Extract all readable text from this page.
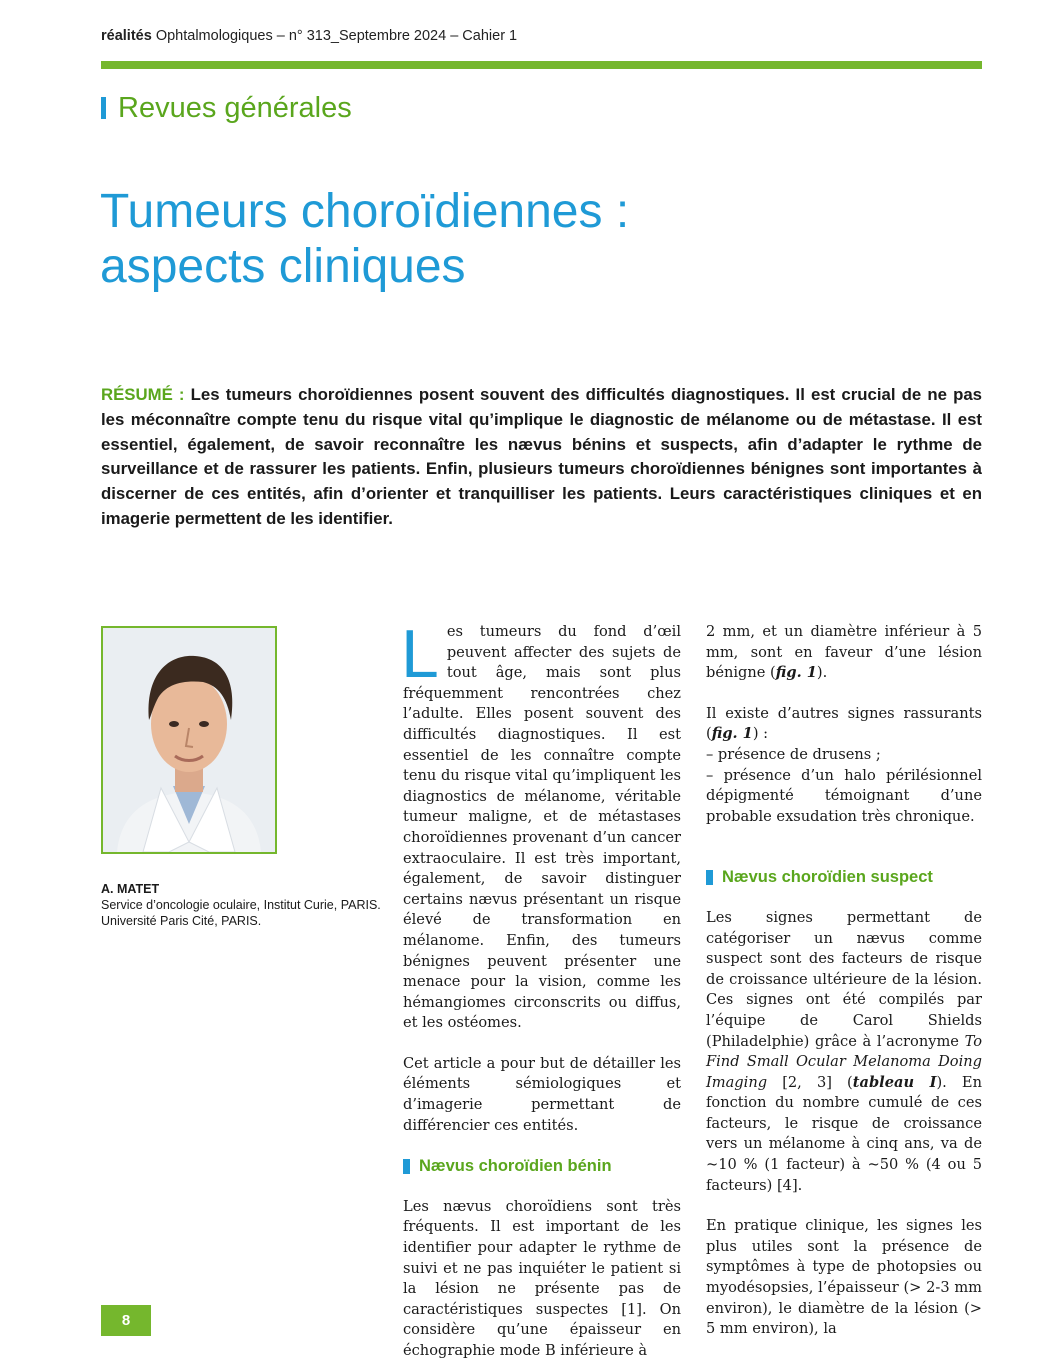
réalités Ophtalmologiques – n° 313_Septembre 2024 – Cahier 1
Revues générales
Tumeurs choroïdiennes :
aspects cliniques
RÉSUMÉ : Les tumeurs choroïdiennes posent souvent des difficultés diagnostiques. Il est crucial de ne pas les méconnaître compte tenu du risque vital qu’implique le diagnostic de mélanome ou de métastase. Il est essentiel, également, de savoir reconnaître les nævus bénins et suspects, afin d’adapter le rythme de surveillance et de rassurer les patients. Enfin, plusieurs tumeurs choroïdiennes bénignes sont importantes à discerner de ces entités, afin d’orienter et tranquilliser les patients. Leurs caractéristiques cliniques et en imagerie permettent de les identifier.
A. MATET
Service d’oncologie oculaire, Institut Curie, PARIS.
Université Paris Cité, PARIS.

Les tumeurs du fond d’œil peuvent affecter des sujets de tout âge, mais sont plus fréquemment rencontrées chez l’adulte. Elles posent souvent des difficultés diagnostiques. Il est essentiel de les connaître compte tenu du risque vital qu’impliquent les diagnostics de mélanome, véritable tumeur maligne, et de métastases choroïdiennes provenant d’un cancer extraoculaire. Il est très important, également, de savoir distinguer certains nævus présentant un risque élevé de transformation en mélanome. Enfin, des tumeurs bénignes peuvent présenter une menace pour la vision, comme les hémangiomes circonscrits ou diffus, et les ostéomes.

Cet article a pour but de détailler les éléments sémiologiques et d’imagerie permettant de différencier ces entités.

Nævus choroïdien bénin

Les nævus choroïdiens sont très fréquents. Il est important de les identifier pour adapter le rythme de suivi et ne pas inquiéter le patient si la lésion ne présente pas de caractéristiques suspectes [1]. On considère qu’une épaisseur en échographie mode B inférieure à

2 mm, et un diamètre inférieur à 5 mm, sont en faveur d’une lésion bénigne (fig. 1).

Il existe d’autres signes rassurants (fig. 1) :

– présence de drusens ;

– présence d’un halo périlésionnel dépigmenté témoignant d’une probable exsudation très chronique.

Nævus choroïdien suspect

Les signes permettant de catégoriser un nævus comme suspect sont des facteurs de risque de croissance ultérieure de la lésion. Ces signes ont été compilés par l’équipe de Carol Shields (Philadelphie) grâce à l’acronyme To Find Small Ocular Melanoma Doing Imaging [2, 3] (tableau I). En fonction du nombre cumulé de ces facteurs, le risque de croissance vers un mélanome à cinq ans, va de ~10 % (1 facteur) à ~50 % (4 ou 5 facteurs) [4].

En pratique clinique, les signes les plus utiles sont la présence de symptômes à type de photopsies ou myodésopsies, l’épaisseur (> 2-3 mm environ), le diamètre de la lésion (> 5 mm environ), la

8
